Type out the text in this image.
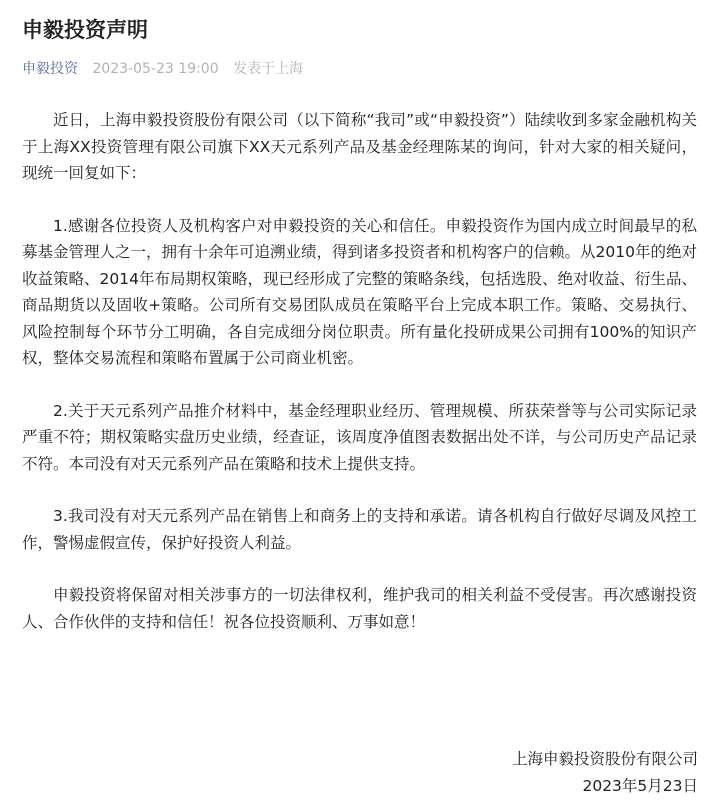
申毅投资声明
申毅投资 2023-05-23 19:00 发表于上海

近日，上海申毅投资股份有限公司（以下简称“我司”或“申毅投资”）陆续收到多家金融机构关于上海XX投资管理有限公司旗下XX天元系列产品及基金经理陈某的询问，针对大家的相关疑问，现统一回复如下：

1.感谢各位投资人及机构客户对申毅投资的关心和信任。申毅投资作为国内成立时间最早的私募基金管理人之一，拥有十余年可追溯业绩，得到诸多投资者和机构客户的信赖。从2010年的绝对收益策略、2014年布局期权策略，现已经形成了完整的策略条线，包括选股、绝对收益、衍生品、商品期货以及固收+策略。公司所有交易团队成员在策略平台上完成本职工作。策略、交易执行、风险控制每个环节分工明确，各自完成细分岗位职责。所有量化投研成果公司拥有100%的知识产权，整体交易流程和策略布置属于公司商业机密。

2.关于天元系列产品推介材料中，基金经理职业经历、管理规模、所获荣誉等与公司实际记录严重不符；期权策略实盘历史业绩，经查证，该周度净值图表数据出处不详，与公司历史产品记录不符。本司没有对天元系列产品在策略和技术上提供支持。

3.我司没有对天元系列产品在销售上和商务上的支持和承诺。请各机构自行做好尽调及风控工作，警惕虚假宣传，保护好投资人利益。

申毅投资将保留对相关涉事方的一切法律权利，维护我司的相关利益不受侵害。再次感谢投资人、合作伙伴的支持和信任！祝各位投资顺利、万事如意！

上海申毅投资股份有限公司
2023年5月23日
